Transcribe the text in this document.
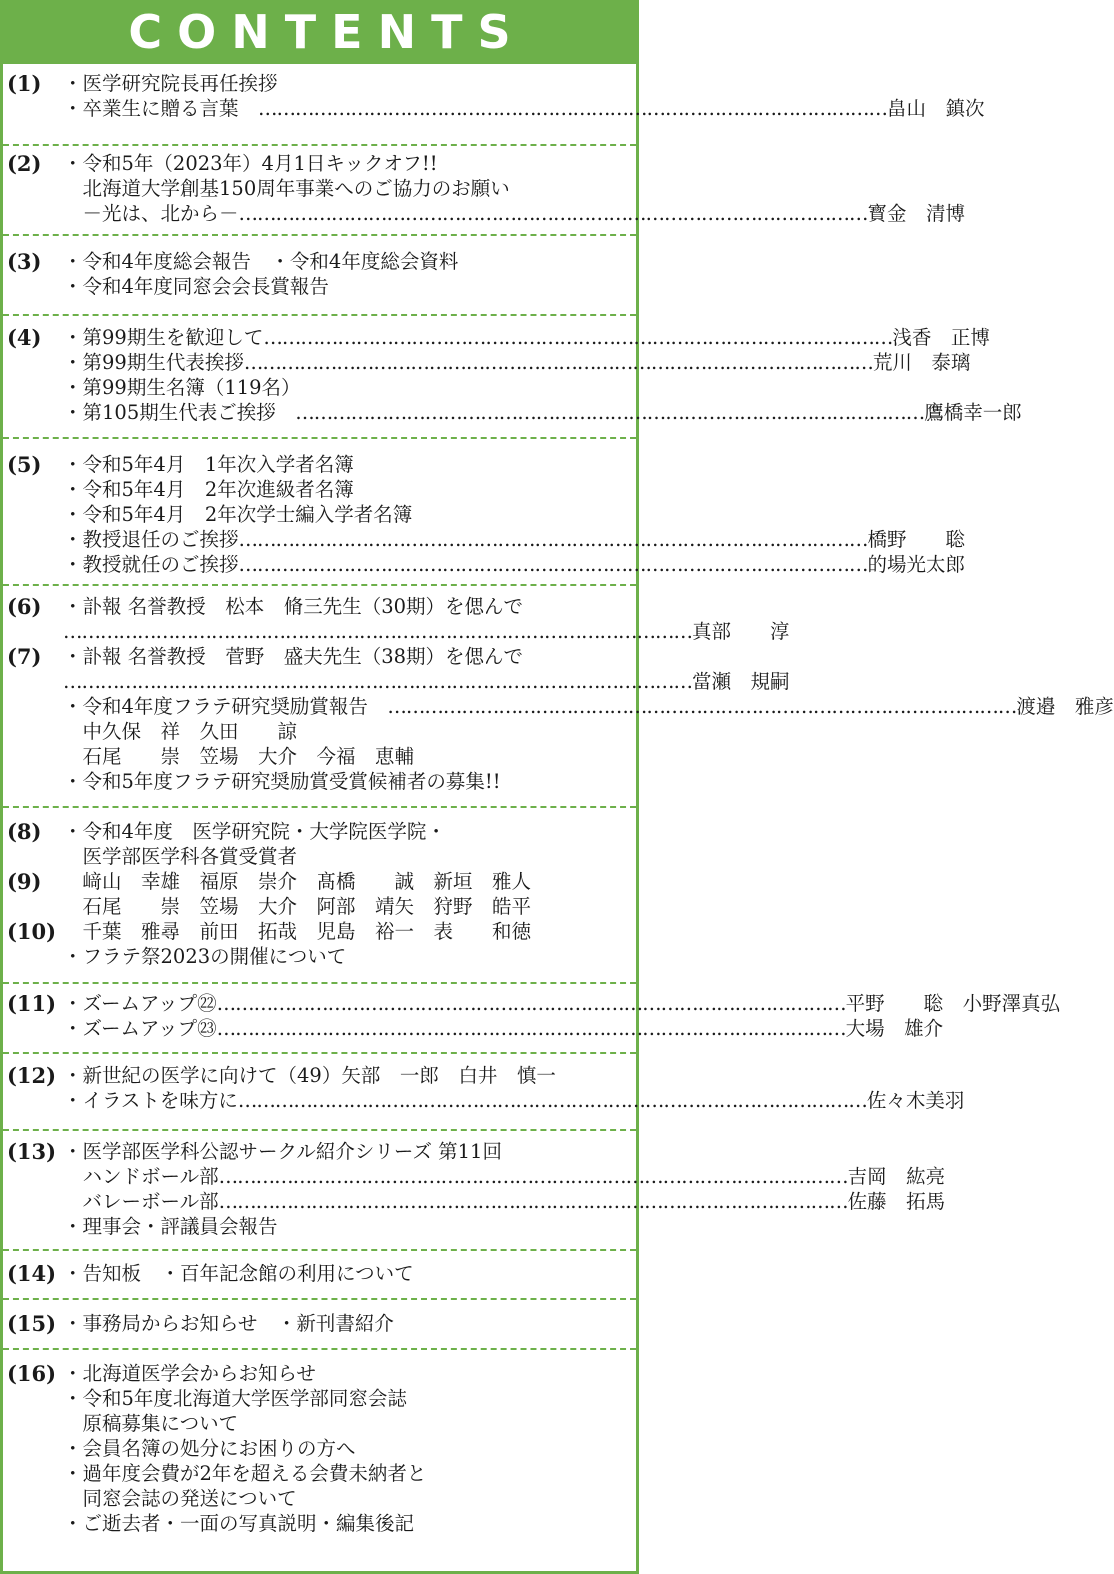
CONTENTS
(1) ・医学研究院長再任挨拶
・卒業生に贈る言葉　 ………………………………………………………………………………………… 畠山　鎮次
(2) ・令和5年（2023年）4月1日キックオフ!!
　北海道大学創基150周年事業へのご協力のお願い
　－光は、北から－ ………………………………………………………………………………………… 寳金　清博
(3) ・令和4年度総会報告　・令和4年度総会資料
・令和4年度同窓会会長賞報告
(4) ・第99期生を歓迎して ………………………………………………………………………………………… 浅香　正博
・第99期生代表挨拶 ………………………………………………………………………………………… 荒川　泰璃
・第99期生名簿（119名）
・第105期生代表ご挨拶　 ………………………………………………………………………………………… 鷹橋幸一郎
(5) ・令和5年4月　1年次入学者名簿
・令和5年4月　2年次進級者名簿
・令和5年4月　2年次学士編入学者名簿
・教授退任のご挨拶 ………………………………………………………………………………………… 橋野　　聡
・教授就任のご挨拶 ………………………………………………………………………………………… 的場光太郎
(6)
(7)
・訃報 名誉教授　松本　脩三先生（30期）を偲んで
………………………………………………………………………………………… 真部　　淳
・訃報 名誉教授　菅野　盛夫先生（38期）を偲んで
………………………………………………………………………………………… 當瀬　規嗣
・令和4年度フラテ研究奨励賞報告　 ………………………………………………………………………………………… 渡邉　雅彦
　中久保　祥　久田　　諒
　石尾　　崇　笠場　大介　今福　恵輔
・令和5年度フラテ研究奨励賞受賞候補者の募集!!
(8)
(9)
(10)
・令和4年度　医学研究院・大学院医学院・
　医学部医学科各賞受賞者
　﨑山　幸雄　福原　崇介　髙橋　　誠　新垣　雅人
　石尾　　崇　笠場　大介　阿部　靖矢　狩野　皓平
　千葉　雅尋　前田　拓哉　児島　裕一　表　　和徳
・フラテ祭2023の開催について
(11) ・ズームアップ㉒ ………………………………………………………………………………………… 平野　　聡　小野澤真弘
・ズームアップ㉓ ………………………………………………………………………………………… 大場　雄介
(12) ・新世紀の医学に向けて（49）矢部　一郎　白井　慎一
・イラストを味方に ………………………………………………………………………………………… 佐々木美羽
(13) ・医学部医学科公認サークル紹介シリーズ 第11回
　ハンドボール部 ………………………………………………………………………………………… 吉岡　紘亮
　バレーボール部 ………………………………………………………………………………………… 佐藤　拓馬
・理事会・評議員会報告
(14) ・告知板　・百年記念館の利用について
(15) ・事務局からお知らせ　・新刊書紹介
(16) ・北海道医学会からお知らせ
・令和5年度北海道大学医学部同窓会誌
　原稿募集について
・会員名簿の処分にお困りの方へ
・過年度会費が2年を超える会費未納者と
　同窓会誌の発送について
・ご逝去者・一面の写真説明・編集後記
